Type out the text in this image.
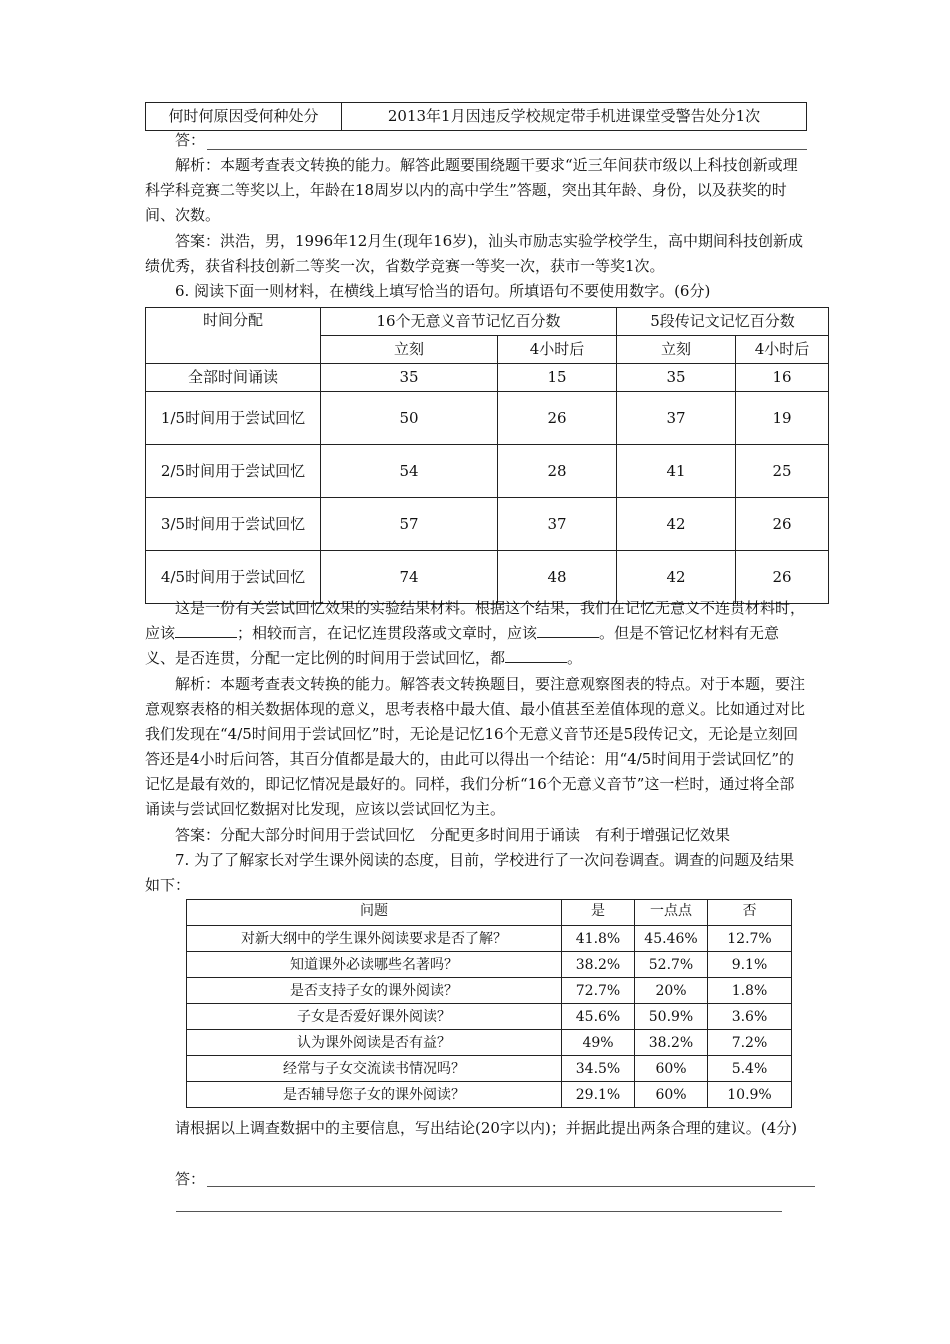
何时何原因受何种处分	2013年1月因违反学校规定带手机进课堂受警告处分1次
答：

解析：本题考查表文转换的能力。解答此题要围绕题干要求“近三年间获市级以上科技创新或理科学科竞赛二等奖以上，年龄在18周岁以内的高中学生”答题，突出其年龄、身份，以及获奖的时间、次数。

答案：洪浩，男，1996年12月生(现年16岁)，汕头市励志实验学校学生，高中期间科技创新成绩优秀，获省科技创新二等奖一次，省数学竞赛一等奖一次，获市一等奖1次。

6. 阅读下面一则材料，在横线上填写恰当的语句。所填语句不要使用数字。(6分)

时间分配	16个无意义音节记忆百分数		5段传记文记忆百分数	
	立刻	4小时后	立刻	4小时后
全部时间诵读	35	15	35	16
1/5时间用于尝试回忆	50	26	37	19
2/5时间用于尝试回忆	54	28	41	25
3/5时间用于尝试回忆	57	37	42	26
4/5时间用于尝试回忆	74	48	42	26

这是一份有关尝试回忆效果的实验结果材料。根据这个结果，我们在记忆无意义不连贯材料时，应该	；相较而言，在记忆连贯段落或文章时，应该	。但是不管记忆材料有无意义、是否连贯，分配一定比例的时间用于尝试回忆，都	。

解析：本题考查表文转换的能力。解答表文转换题目，要注意观察图表的特点。对于本题，要注意观察表格的相关数据体现的意义，思考表格中最大值、最小值甚至差值体现的意义。比如通过对比我们发现在“4/5时间用于尝试回忆”时，无论是记忆16个无意义音节还是5段传记文，无论是立刻回答还是4小时后问答，其百分值都是最大的，由此可以得出一个结论：用“4/5时间用于尝试回忆”的记忆是最有效的，即记忆情况是最好的。同样，我们分析“16个无意义音节”这一栏时，通过将全部诵读与尝试回忆数据对比发现，应该以尝试回忆为主。

答案：分配大部分时间用于尝试回忆　分配更多时间用于诵读　有利于增强记忆效果

7. 为了了解家长对学生课外阅读的态度，目前，学校进行了一次问卷调查。调查的问题及结果如下：

问题	是	一点点	否
对新大纲中的学生课外阅读要求是否了解？	41.8%	45.46%	12.7%
知道课外必读哪些名著吗？	38.2%	52.7%	9.1%
是否支持子女的课外阅读？	72.7%	20%	1.8%
子女是否爱好课外阅读？	45.6%	50.9%	3.6%
认为课外阅读是否有益？	49%	38.2%	7.2%
经常与子女交流读书情况吗？	34.5%	60%	5.4%
是否辅导您子女的课外阅读？	29.1%	60%	10.9%

请根据以上调查数据中的主要信息，写出结论(20字以内)；并据此提出两条合理的建议。(4分)

答：
